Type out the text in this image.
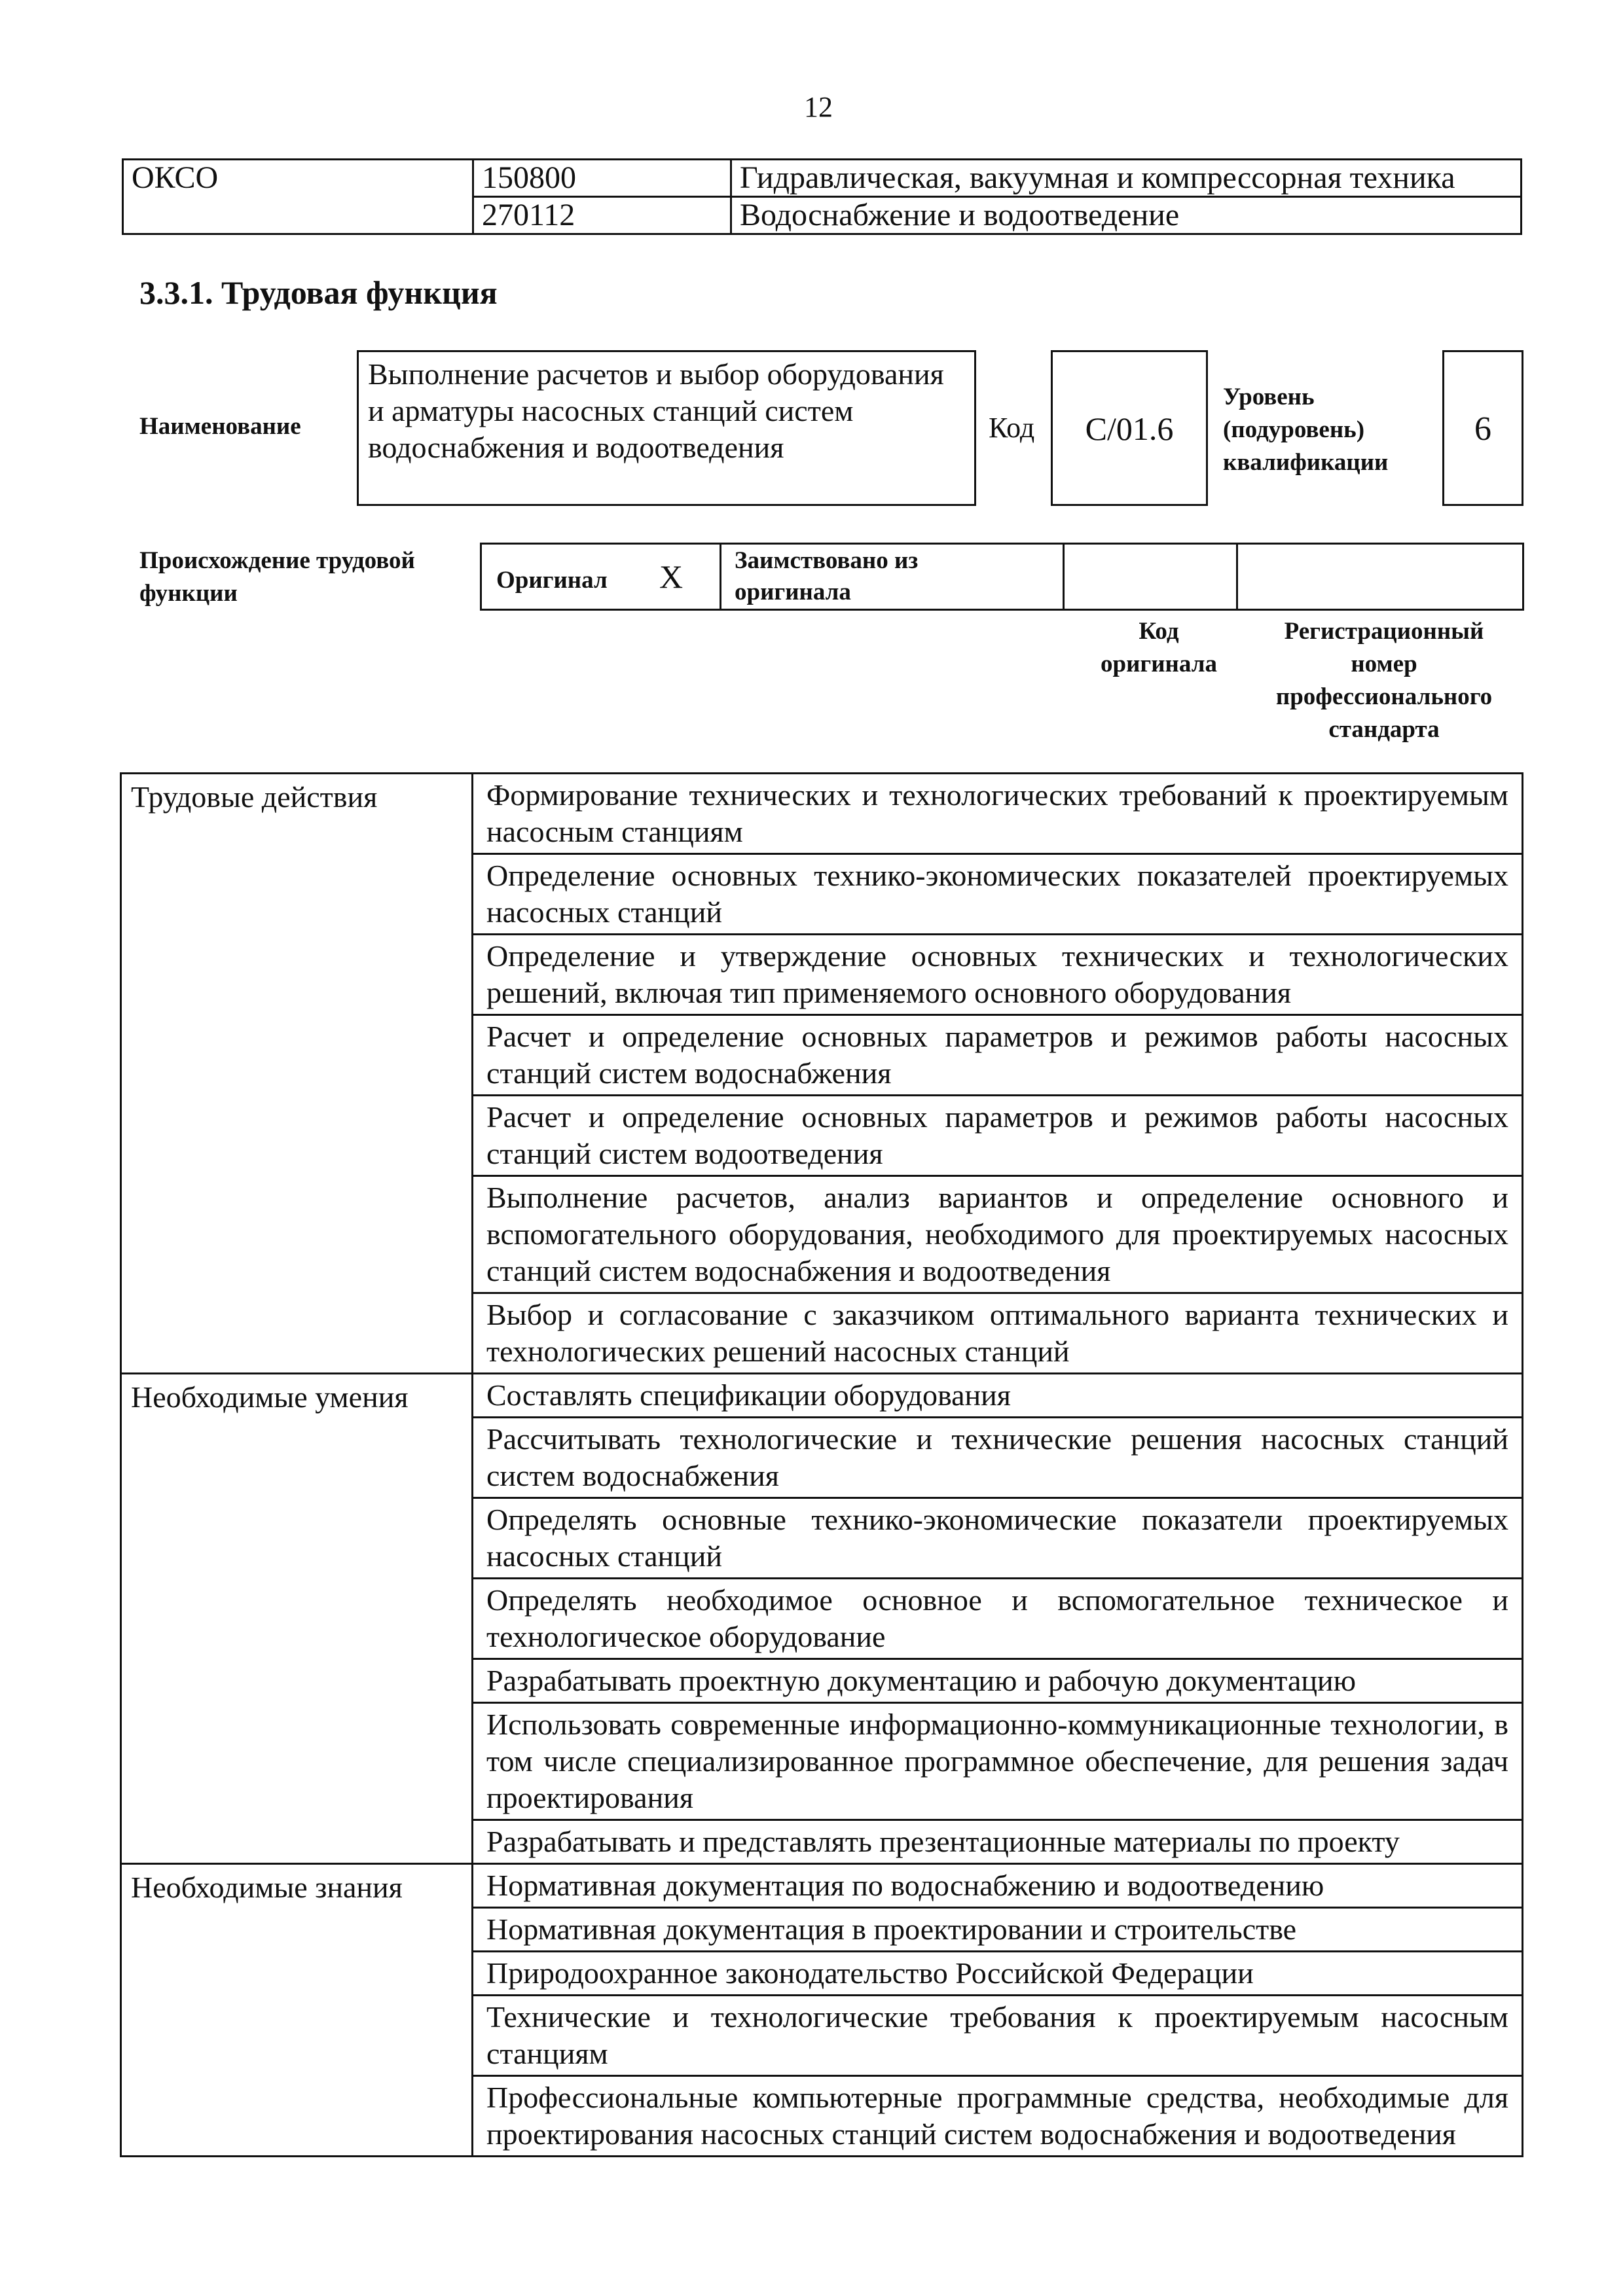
12
ОКСО	150800	Гидравлическая, вакуумная и компрессорная техника
	270112	Водоснабжение и водоотведение
3.3.1. Трудовая функция
Наименование
Выполнение расчетов и выбор оборудования и арматуры насосных станций систем водоснабжения и водоотведения
Код	C/01.6
Уровень
(подуровень)
квалификации
6
Происхождение трудовой
функции	Оригинал X	Заимствовано из
оригинала

Код
оригинала
Регистрационный
номер
профессионального
стандарта
Трудовые действия	Формирование технических и технологических требований к проектируемым насосным станциям
	Определение основных технико-экономических показателей проектируемых насосных станций
	Определение и утверждение основных технических и технологических решений, включая тип применяемого основного оборудования
	Расчет и определение основных параметров и режимов работы насосных станций систем водоснабжения
	Расчет и определение основных параметров и режимов работы насосных станций систем водоотведения
	Выполнение расчетов, анализ вариантов и определение основного и вспомогательного оборудования, необходимого для проектируемых насосных станций систем водоснабжения и водоотведения
	Выбор и согласование с заказчиком оптимального варианта технических и технологических решений насосных станций
Необходимые умения	Составлять спецификации оборудования
	Рассчитывать технологические и технические решения насосных станций систем водоснабжения
	Определять основные технико-экономические показатели проектируемых насосных станций
	Определять необходимое основное и вспомогательное техническое и технологическое оборудование
	Разрабатывать проектную документацию и рабочую документацию
	Использовать современные информационно-коммуникационные технологии, в том числе специализированное программное обеспечение, для решения задач проектирования
	Разрабатывать и представлять презентационные материалы по проекту
Необходимые знания	Нормативная документация по водоснабжению и водоотведению
	Нормативная документация в проектировании и строительстве
	Природоохранное законодательство Российской Федерации
	Технические и технологические требования к проектируемым насосным станциям
	Профессиональные компьютерные программные средства, необходимые для проектирования насосных станций систем водоснабжения и водоотведения
